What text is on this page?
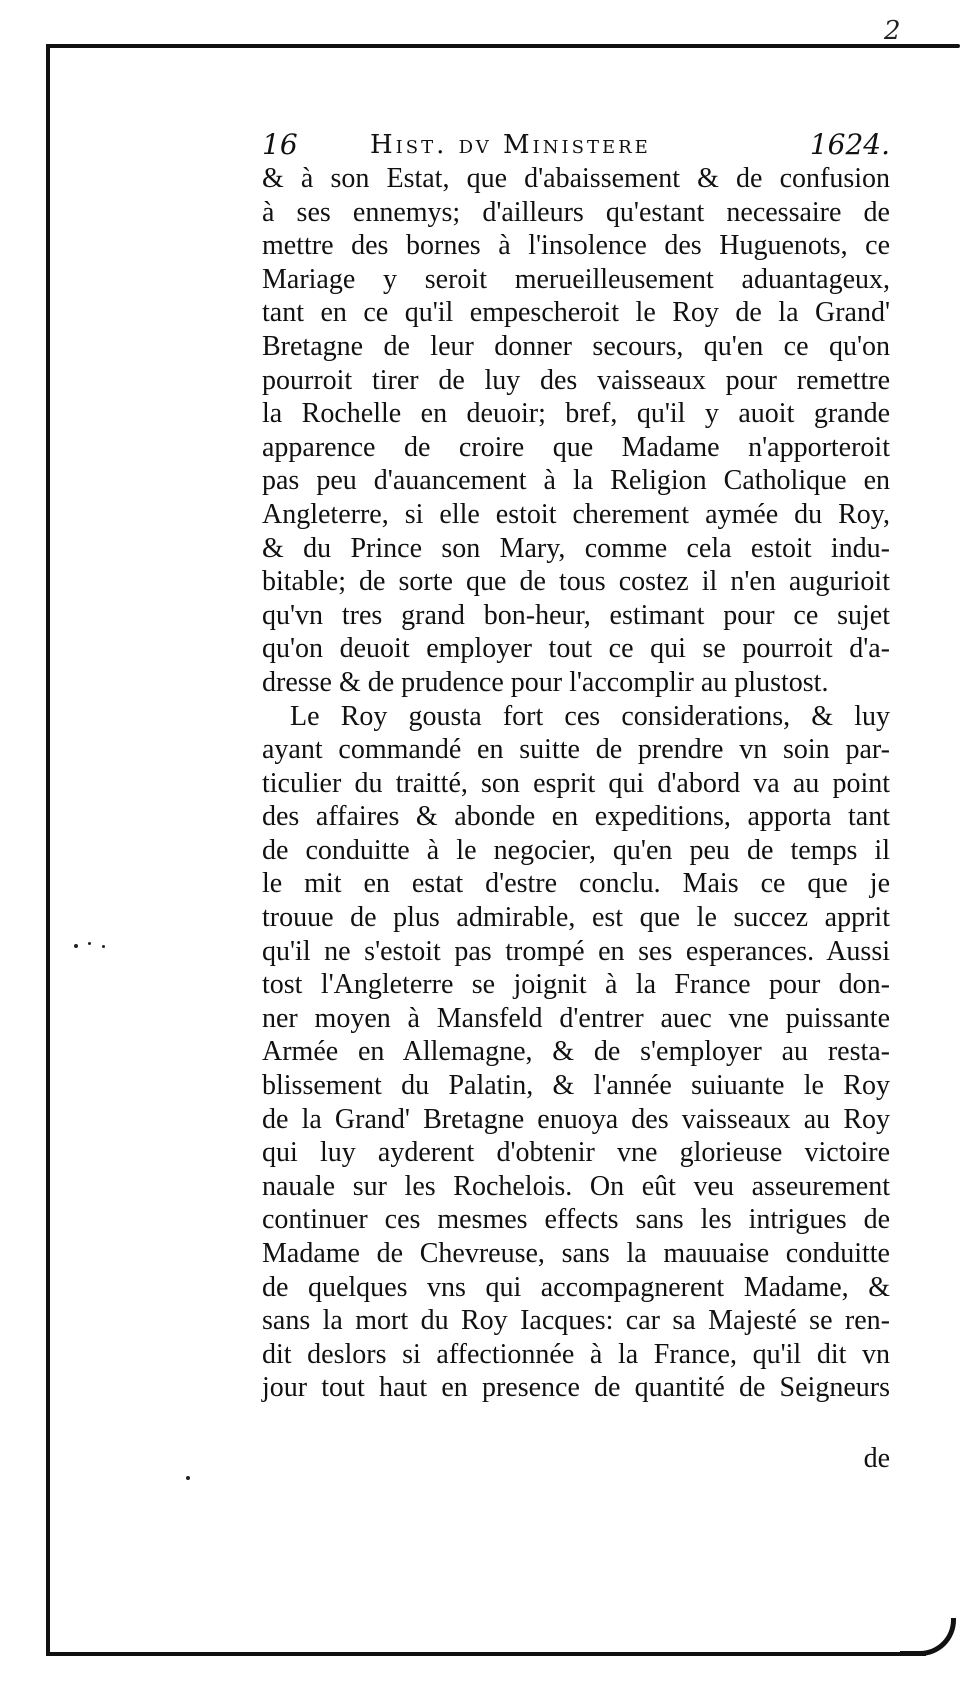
2
16	Hist. dv Ministere	1624.
& à son Estat, que d'abaissement & de confusion
à ses ennemys; d'ailleurs qu'estant necessaire de
mettre des bornes à l'insolence des Huguenots, ce
Mariage y seroit merueilleusement aduantageux,
tant en ce qu'il empescheroit le Roy de la Grand'
Bretagne de leur donner secours, qu'en ce qu'on
pourroit tirer de luy des vaisseaux pour remettre
la Rochelle en deuoir; bref, qu'il y auoit grande
apparence de croire que Madame n'apporteroit
pas peu d'auancement à la Religion Catholique en
Angleterre, si elle estoit cherement aymée du Roy,
& du Prince son Mary, comme cela estoit indu-
bitable; de sorte que de tous costez il n'en augurioit
qu'vn tres grand bon-heur, estimant pour ce sujet
qu'on deuoit employer tout ce qui se pourroit d'a-
dresse & de prudence pour l'accomplir au plustost.
Le Roy gousta fort ces considerations, & luy
ayant commandé en suitte de prendre vn soin par-
ticulier du traitté, son esprit qui d'abord va au point
des affaires & abonde en expeditions, apporta tant
de conduitte à le negocier, qu'en peu de temps il
le mit en estat d'estre conclu. Mais ce que je
trouue de plus admirable, est que le succez apprit
qu'il ne s'estoit pas trompé en ses esperances. Aussi
tost l'Angleterre se joignit à la France pour don-
ner moyen à Mansfeld d'entrer auec vne puissante
Armée en Allemagne, & de s'employer au resta-
blissement du Palatin, & l'année suiuante le Roy
de la Grand' Bretagne enuoya des vaisseaux au Roy
qui luy ayderent d'obtenir vne glorieuse victoire
nauale sur les Rochelois. On eût veu asseurement
continuer ces mesmes effects sans les intrigues de
Madame de Chevreuse, sans la mauuaise conduitte
de quelques vns qui accompagnerent Madame, &
sans la mort du Roy Iacques: car sa Majesté se ren-
dit deslors si affectionnée à la France, qu'il dit vn
jour tout haut en presence de quantité de Seigneurs
de
